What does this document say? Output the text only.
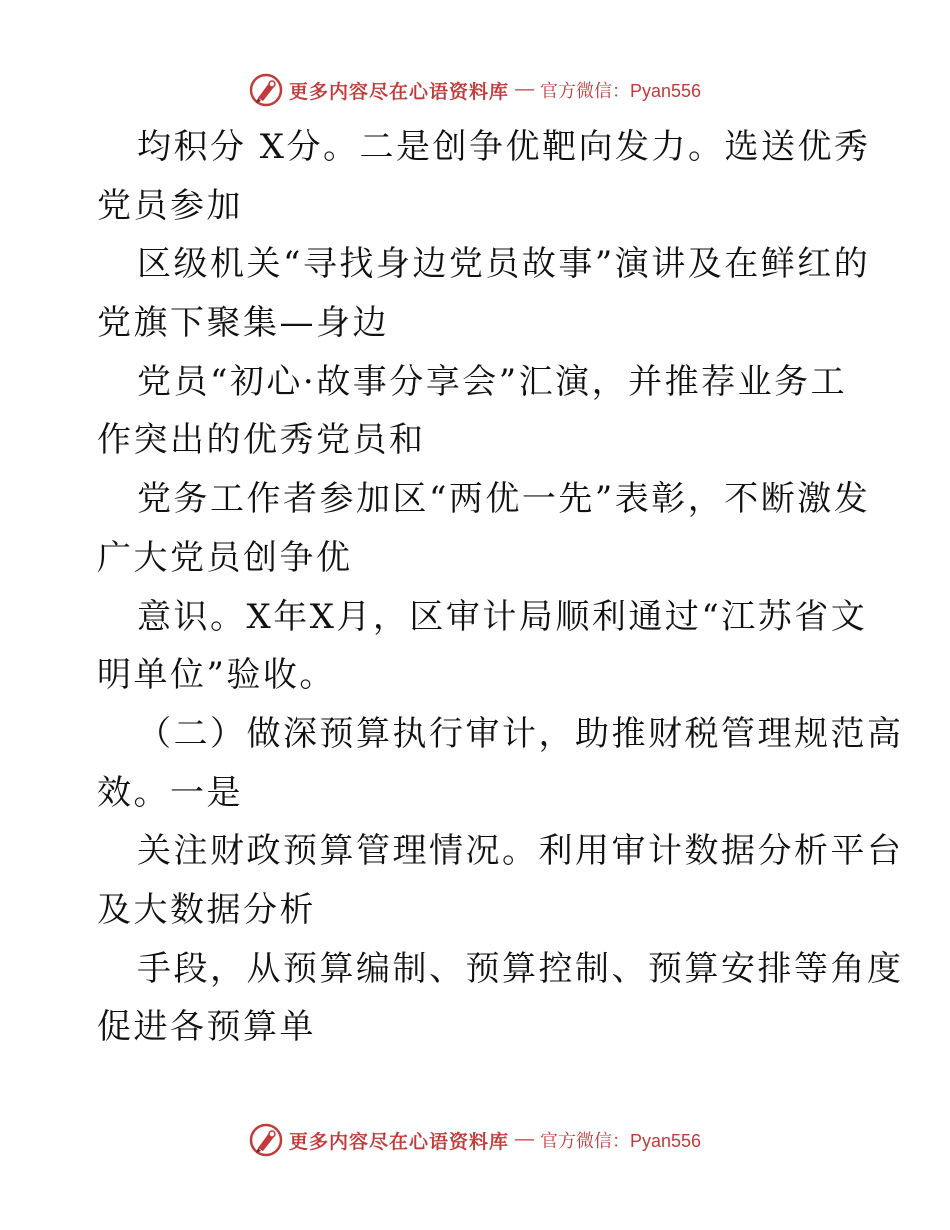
更多内容尽在心语资料库 — 官方微信：Pyan556
均积分 X分。二是创争优靶向发力。选送优秀
党员参加
区级机关“寻找身边党员故事”演讲及在鲜红的
党旗下聚集—身边
党员“初心·故事分享会”汇演，并推荐业务工
作突出的优秀党员和
党务工作者参加区“两优一先”表彰，不断激发
广大党员创争优
意识。X年X月，区审计局顺利通过“江苏省文
明单位”验收。
（二）做深预算执行审计，助推财税管理规范高
效。一是
关注财政预算管理情况。利用审计数据分析平台
及大数据分析
手段，从预算编制、预算控制、预算安排等角度
促进各预算单
更多内容尽在心语资料库 — 官方微信：Pyan556
